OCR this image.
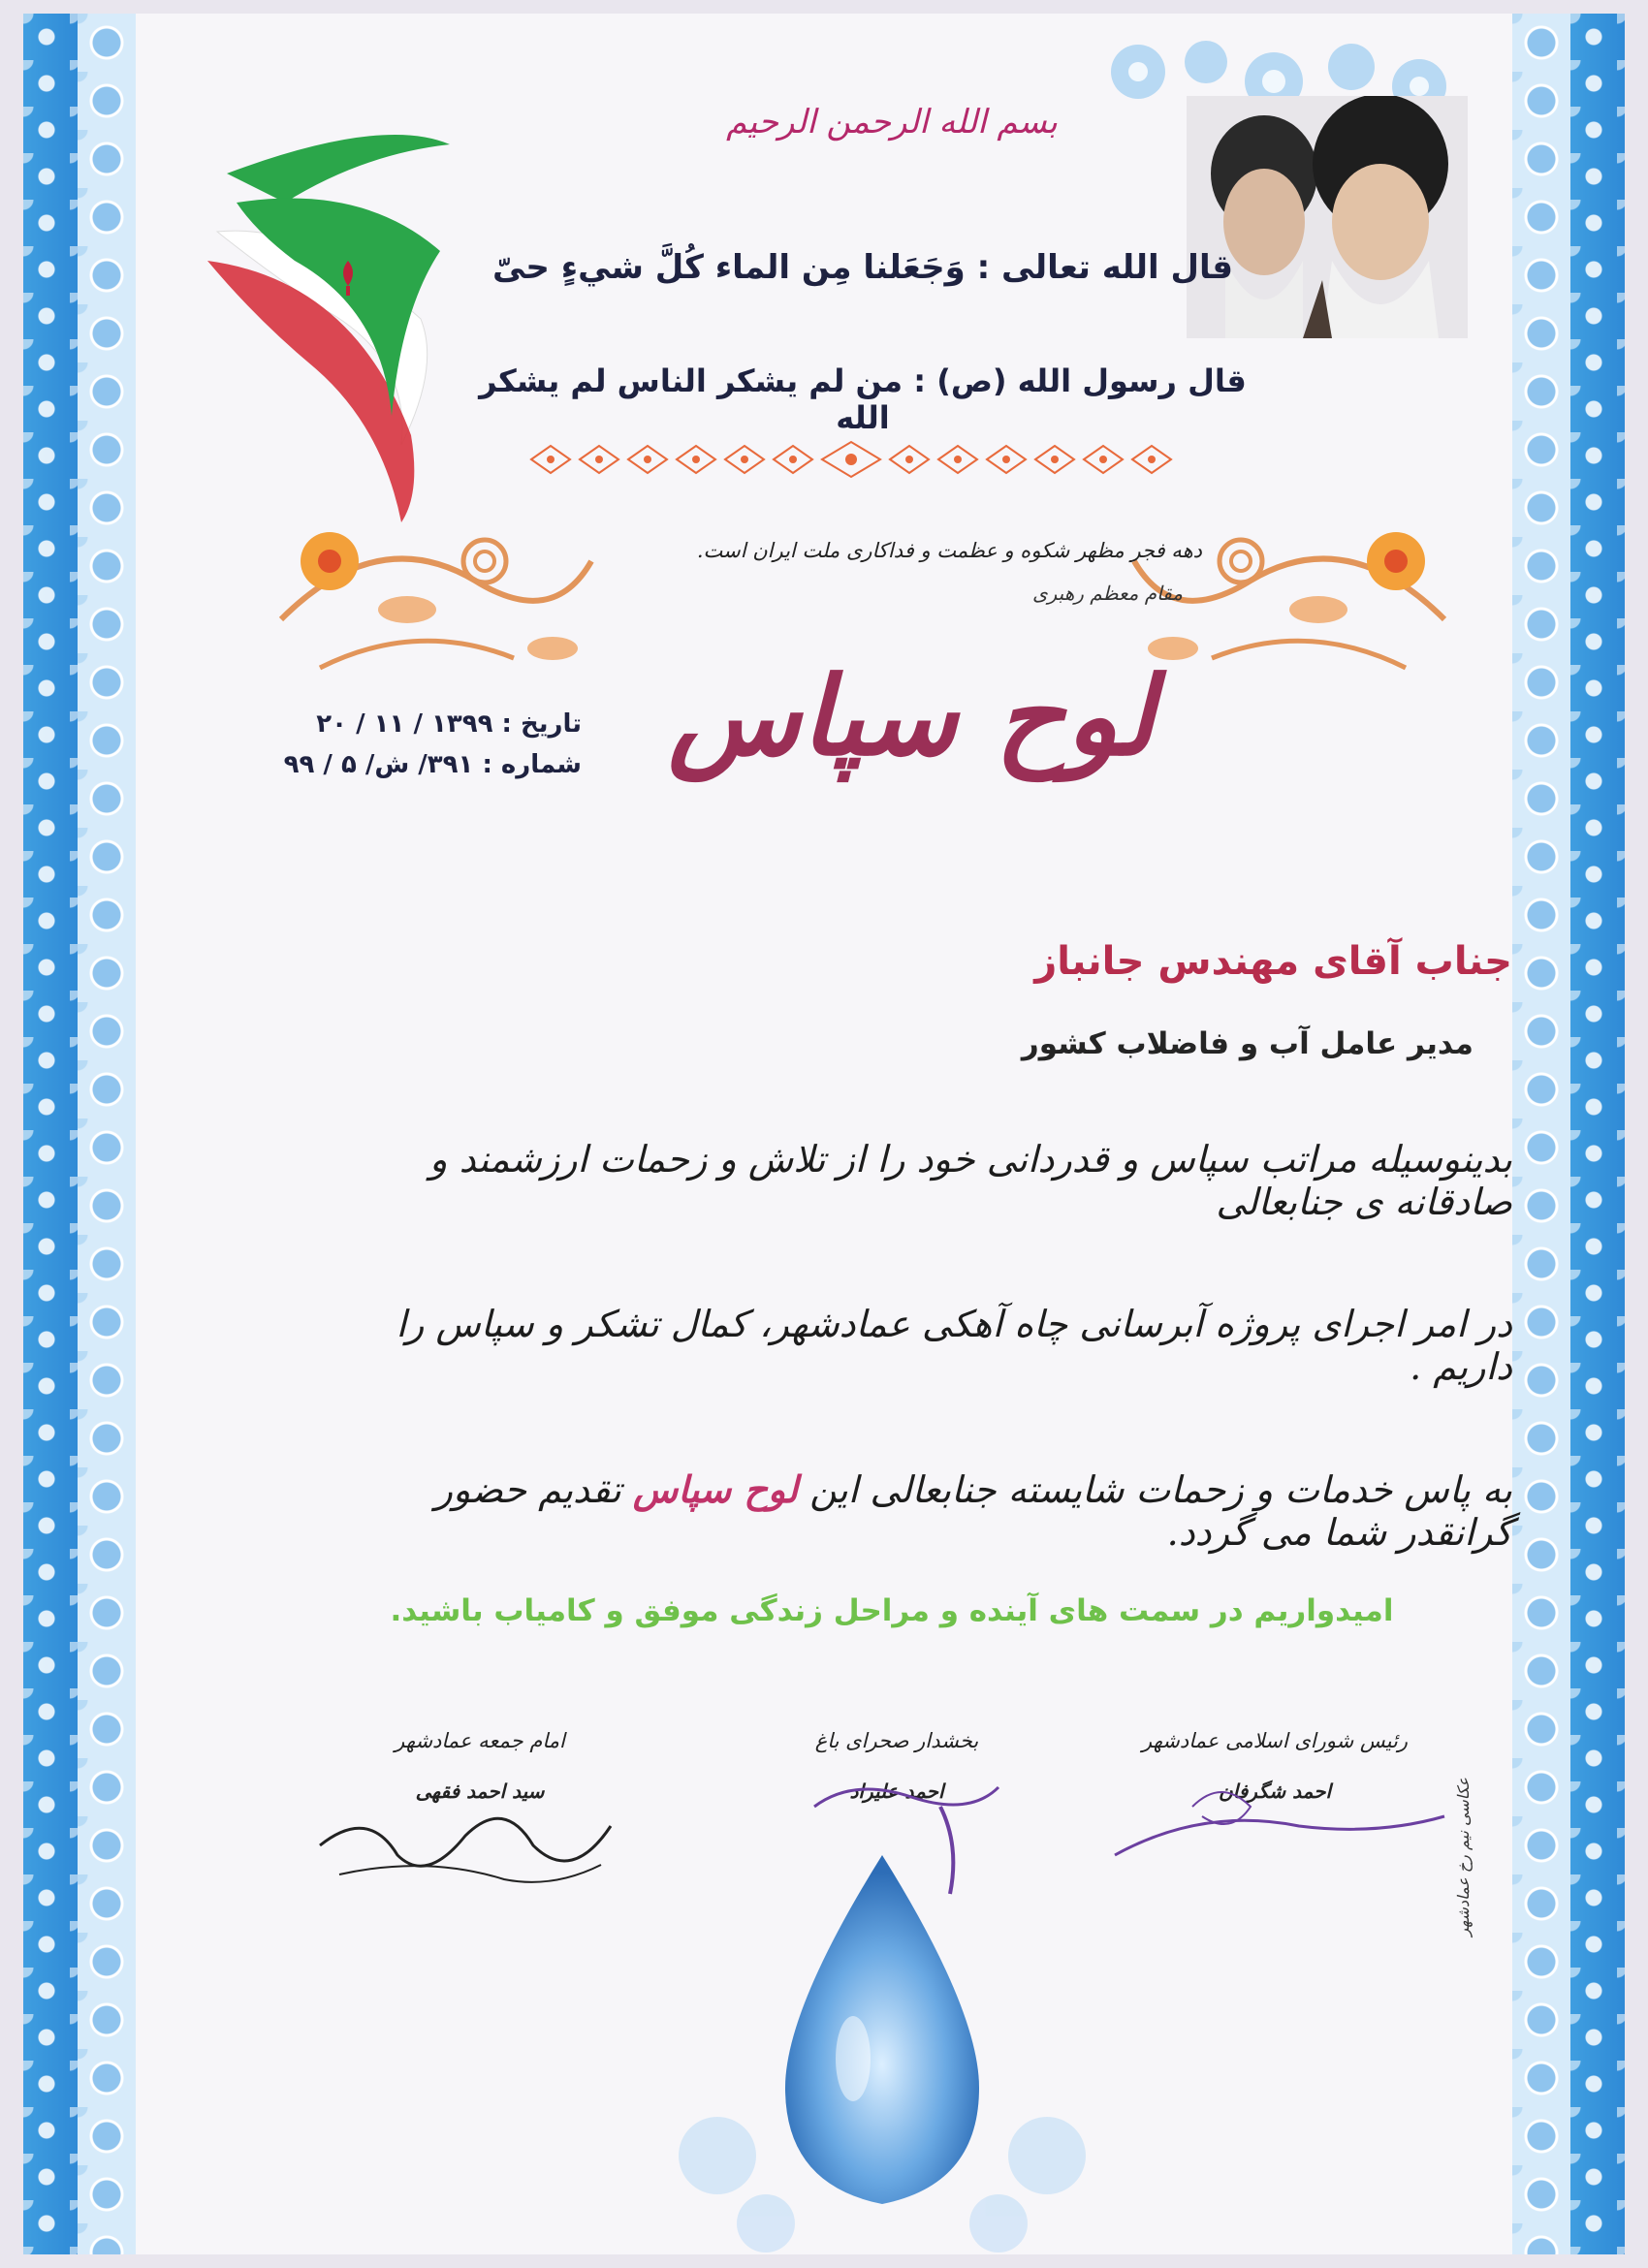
بسم الله الرحمن الرحیم
قال الله تعالی : وَجَعَلنا مِن الماء كُلَّ شيءٍ حیّ
قال رسول الله (ص) : من لم یشکر الناس لم یشکر الله
دهه فجر مظهر شکوه و عظمت و فداکاری ملت ایران است.
مقام معظم رهبری
لوح سپاس
تاریخ : ۱۳۹۹ / ۱۱ / ۲۰
شماره : ۳۹۱/ ش/ ۵ / ۹۹
جناب آقای مهندس جانباز
مدیر عامل آب و فاضلاب کشور
بدینوسیله مراتب سپاس و قدردانی خود را از تلاش و زحمات ارزشمند و صادقانه ی جنابعالی
در امر اجرای پروژه آبرسانی چاه آهکی عمادشهر، کمال تشکر و سپاس را داریم .
به پاس خدمات و زحمات شایسته جنابعالی این لوح سپاس تقدیم حضور گرانقدر شما می گردد.
امیدواریم در سمت های آینده و مراحل زندگی موفق و کامیاب باشید.
رئیس شورای اسلامی عمادشهر
احمد شگرفان
بخشدار صحرای باغ
احمد علیزاد
امام جمعه عمادشهر
سید احمد فقهی	عکاسی نیم رخ عمادشهر
